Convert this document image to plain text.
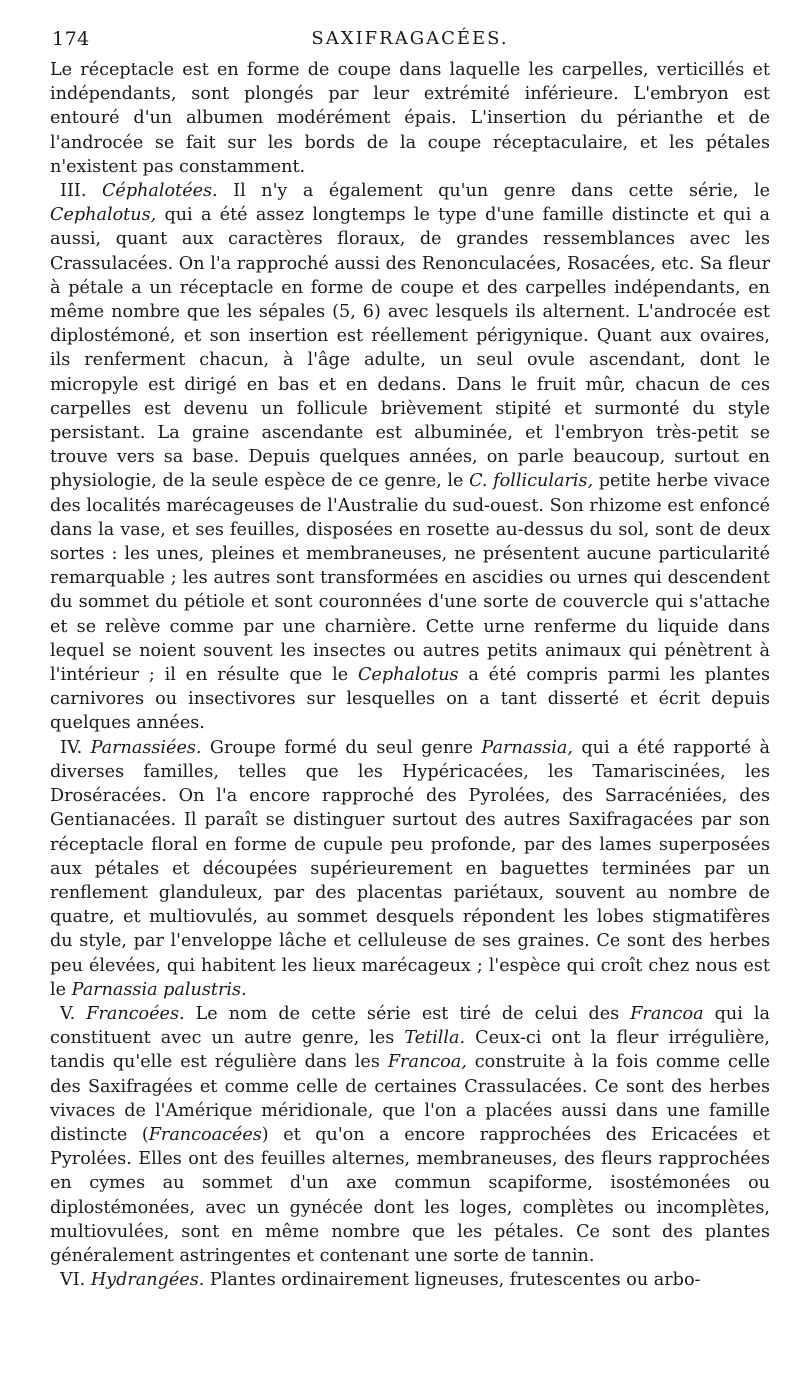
174	SAXIFRAGACÉES.

Le réceptacle est en forme de coupe dans laquelle les carpelles, verticillés et indépendants, sont plongés par leur extrémité inférieure. L'embryon est entouré d'un albumen modérément épais. L'insertion du périanthe et de l'androcée se fait sur les bords de la coupe réceptaculaire, et les pétales n'existent pas constamment.

III. Céphalotées. Il n'y a également qu'un genre dans cette série, le Cephalotus, qui a été assez longtemps le type d'une famille distincte et qui a aussi, quant aux caractères floraux, de grandes ressemblances avec les Crassulacées. On l'a rapproché aussi des Renonculacées, Rosacées, etc. Sa fleur à pétale a un réceptacle en forme de coupe et des carpelles indépendants, en même nombre que les sépales (5, 6) avec lesquels ils alternent. L'androcée est diplostémoné, et son insertion est réellement périgynique. Quant aux ovaires, ils renferment chacun, à l'âge adulte, un seul ovule ascendant, dont le micropyle est dirigé en bas et en dedans. Dans le fruit mûr, chacun de ces carpelles est devenu un follicule brièvement stipité et surmonté du style persistant. La graine ascendante est albuminée, et l'embryon très-petit se trouve vers sa base. Depuis quelques années, on parle beaucoup, surtout en physiologie, de la seule espèce de ce genre, le C. follicularis, petite herbe vivace des localités marécageuses de l'Australie du sud-ouest. Son rhizome est enfoncé dans la vase, et ses feuilles, disposées en rosette au-dessus du sol, sont de deux sortes : les unes, pleines et membraneuses, ne présentent aucune particularité remarquable ; les autres sont transformées en ascidies ou urnes qui descendent du sommet du pétiole et sont couronnées d'une sorte de couvercle qui s'attache et se relève comme par une charnière. Cette urne renferme du liquide dans lequel se noient souvent les insectes ou autres petits animaux qui pénètrent à l'intérieur ; il en résulte que le Cephalotus a été compris parmi les plantes carnivores ou insectivores sur lesquelles on a tant disserté et écrit depuis quelques années.

IV. Parnassiées. Groupe formé du seul genre Parnassia, qui a été rapporté à diverses familles, telles que les Hypéricacées, les Tamariscinées, les Droséracées. On l'a encore rapproché des Pyrolées, des Sarracéniées, des Gentianacées. Il paraît se distinguer surtout des autres Saxifragacées par son réceptacle floral en forme de cupule peu profonde, par des lames superposées aux pétales et découpées supérieurement en baguettes terminées par un renflement glanduleux, par des placentas pariétaux, souvent au nombre de quatre, et multiovulés, au sommet desquels répondent les lobes stigmatifères du style, par l'enveloppe lâche et celluleuse de ses graines. Ce sont des herbes peu élevées, qui habitent les lieux marécageux ; l'espèce qui croît chez nous est le Parnassia palustris.

V. Francoées. Le nom de cette série est tiré de celui des Francoa qui la constituent avec un autre genre, les Tetilla. Ceux-ci ont la fleur irrégulière, tandis qu'elle est régulière dans les Francoa, construite à la fois comme celle des Saxifragées et comme celle de certaines Crassulacées. Ce sont des herbes vivaces de l'Amérique méridionale, que l'on a placées aussi dans une famille distincte (Francoacées) et qu'on a encore rapprochées des Ericacées et Pyrolées. Elles ont des feuilles alternes, membraneuses, des fleurs rapprochées en cymes au sommet d'un axe commun scapiforme, isostémonées ou diplostémonées, avec un gynécée dont les loges, complètes ou incomplètes, multiovulées, sont en même nombre que les pétales. Ce sont des plantes généralement astringentes et contenant une sorte de tannin.

VI. Hydrangées. Plantes ordinairement ligneuses, frutescentes ou arbo-
